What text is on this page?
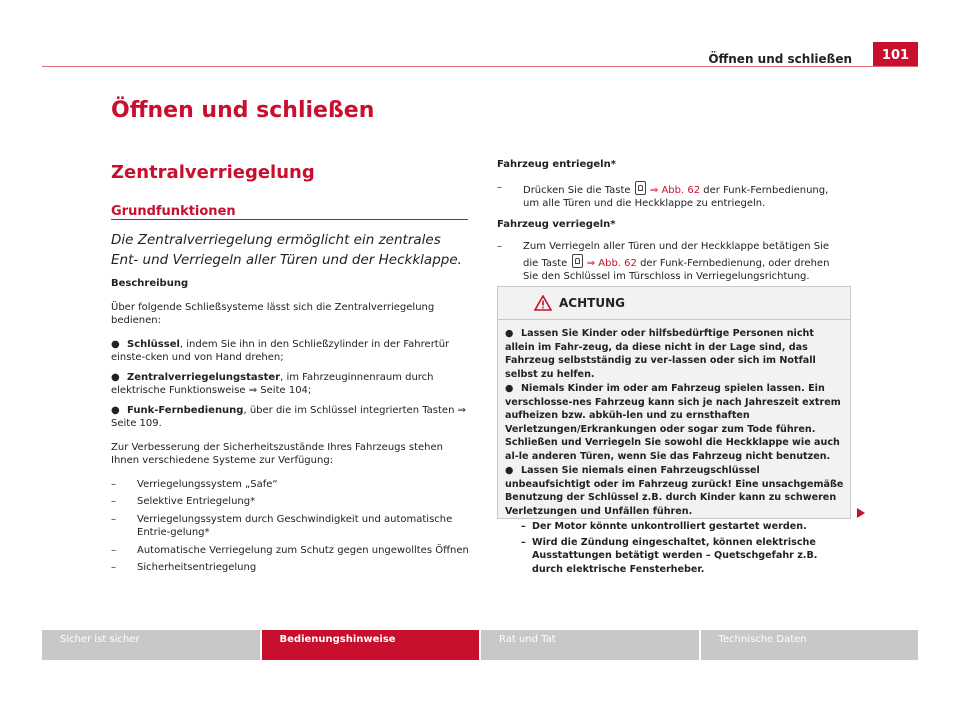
Öffnen und schließen	101
Öffnen und schließen
Zentralverriegelung
Grundfunktionen

Die Zentralverriegelung ermöglicht ein zentrales Ent- und Verriegeln aller Türen und der Heckklappe.

Beschreibung

Über folgende Schließsysteme lässt sich die Zentralverriegelung bedienen:

● Schlüssel, indem Sie ihn in den Schließzylinder in der Fahrertür einste-cken und von Hand drehen;

● Zentralverriegelungstaster, im Fahrzeuginnenraum durch elektrische Funktionsweise ⇒ Seite 104;

● Funk-Fernbedienung, über die im Schlüssel integrierten Tasten ⇒ Seite 109.

Zur Verbesserung der Sicherheitszustände Ihres Fahrzeugs stehen Ihnen verschiedene Systeme zur Verfügung:

–	Verriegelungssystem „Safe“
–	Selektive Entriegelung*
–	Verriegelungssystem durch Geschwindigkeit und automatische Entrie-gelung*
–	Automatische Verriegelung zum Schutz gegen ungewolltes Öffnen
–	Sicherheitsentriegelung

Fahrzeug entriegeln*

–	Drücken Sie die Taste ⇒ Abb. 62 der Funk-Fernbedienung, um alle Türen und die Heckklappe zu entriegeln.

Fahrzeug verriegeln*

–	Zum Verriegeln aller Türen und der Heckklappe betätigen Sie die Taste ⇒ Abb. 62 der Funk-Fernbedienung, oder drehen Sie den Schlüssel im Türschloss in Verriegelungsrichtung.
ACHTUNG

● Lassen Sie Kinder oder hilfsbedürftige Personen nicht allein im Fahr-zeug, da diese nicht in der Lage sind, das Fahrzeug selbstständig zu ver-lassen oder sich im Notfall selbst zu helfen.

● Niemals Kinder im oder am Fahrzeug spielen lassen. Ein verschlosse-nes Fahrzeug kann sich je nach Jahreszeit extrem aufheizen bzw. abküh-len und zu ernsthaften Verletzungen/Erkrankungen oder sogar zum Tode führen. Schließen und Verriegeln Sie sowohl die Heckklappe wie auch al-le anderen Türen, wenn Sie das Fahrzeug nicht benutzen.

● Lassen Sie niemals einen Fahrzeugschlüssel unbeaufsichtigt oder im Fahrzeug zurück! Eine unsachgemäße Benutzung der Schlüssel z.B. durch Kinder kann zu schweren Verletzungen und Unfällen führen.

– Der Motor könnte unkontrolliert gestartet werden.
– Wird die Zündung eingeschaltet, können elektrische Ausstattungen betätigt werden – Quetschgefahr z.B. durch elektrische Fensterheber.
Sicher ist sicher	Bedienungshinweise	Rat und Tat	Technische Daten
